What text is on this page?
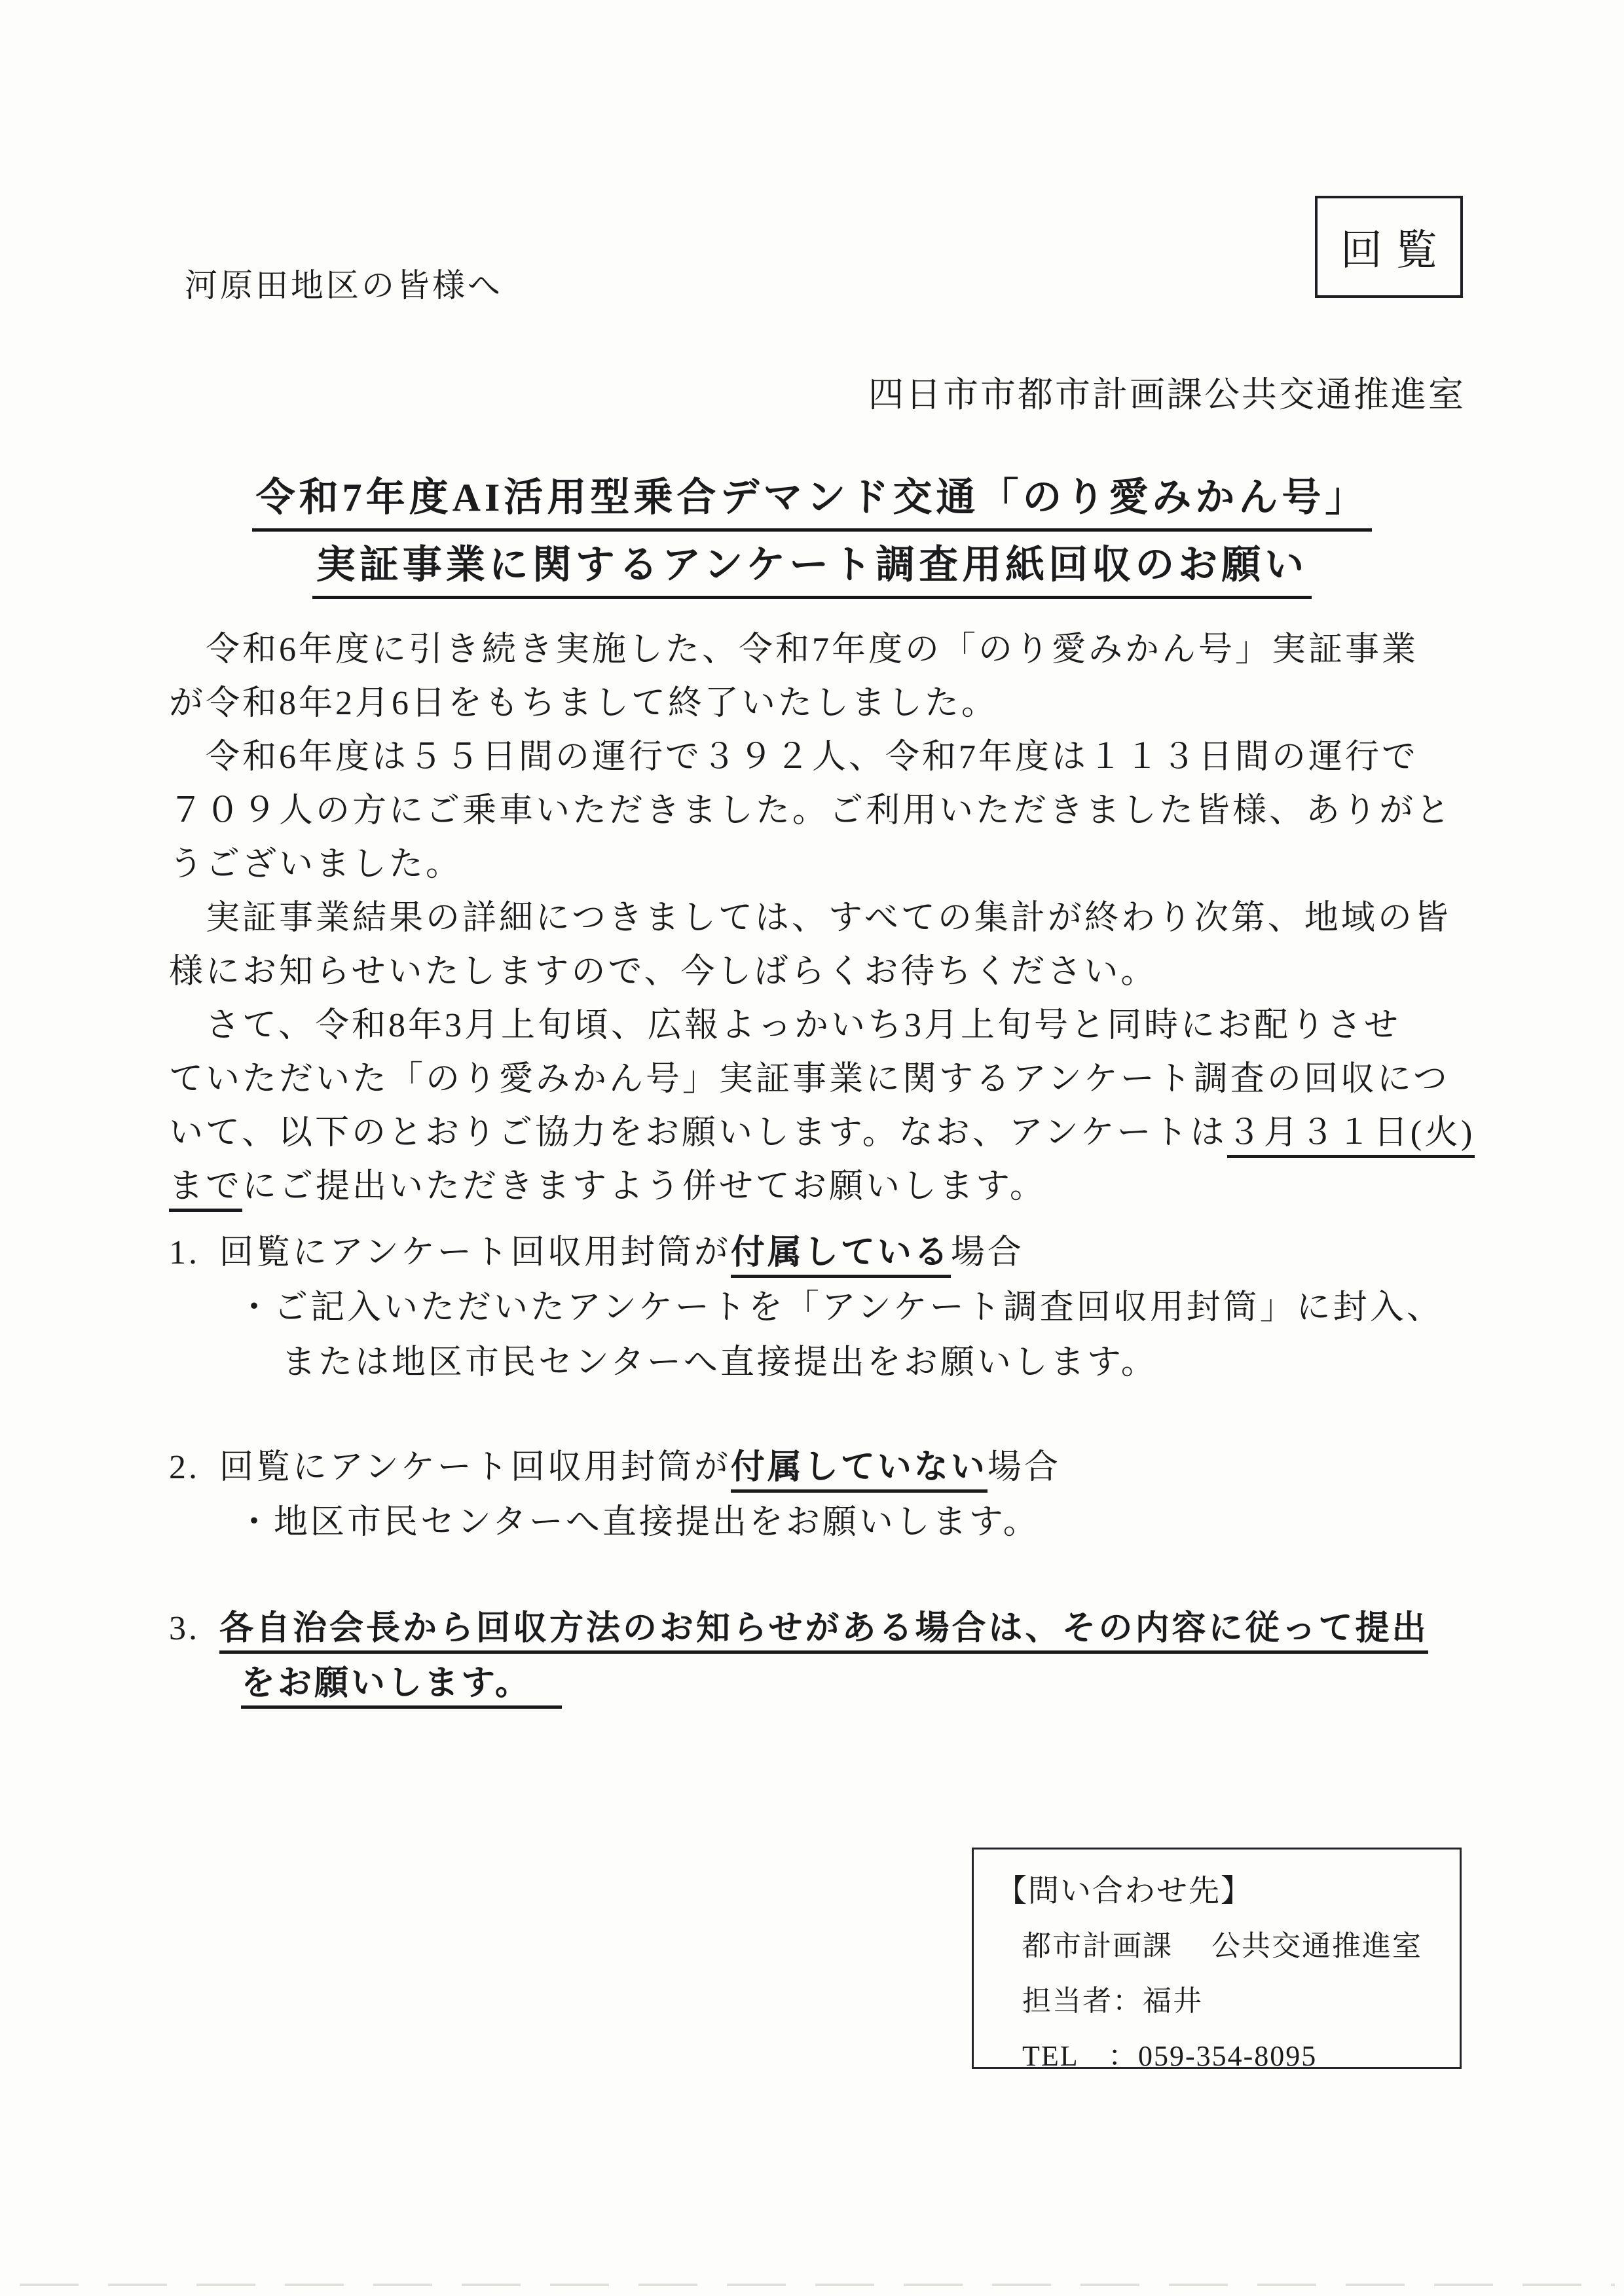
回覧
河原田地区の皆様へ
四日市市都市計画課公共交通推進室
令和7年度AI活用型乗合デマンド交通「のり愛みかん号」
実証事業に関するアンケート調査用紙回収のお願い
　令和6年度に引き続き実施した、令和7年度の「のり愛みかん号」実証事業
が令和8年2月6日をもちまして終了いたしました。
　令和6年度は５５日間の運行で３９２人、令和7年度は１１３日間の運行で
７０９人の方にご乗車いただきました。ご利用いただきました皆様、ありがと
うございました。
　実証事業結果の詳細につきましては、すべての集計が終わり次第、地域の皆
様にお知らせいたしますので、今しばらくお待ちください。
　さて、令和8年3月上旬頃、広報よっかいち3月上旬号と同時にお配りさせ
ていただいた「のり愛みかん号」実証事業に関するアンケート調査の回収につ
いて、以下のとおりご協力をお願いします。なお、アンケートは３月３１日(火)
までにご提出いただきますよう併せてお願いします。
1. 回覧にアンケート回収用封筒が付属している場合
・ご記入いただいたアンケートを「アンケート調査回収用封筒」に封入、
または地区市民センターへ直接提出をお願いします。
2. 回覧にアンケート回収用封筒が付属していない場合
・地区市民センターへ直接提出をお願いします。
3. 各自治会長から回収方法のお知らせがある場合は、その内容に従って提出
をお願いします。
【問い合わせ先】
都市計画課　 公共交通推進室
担当者：福井
TEL　：059-354-8095
